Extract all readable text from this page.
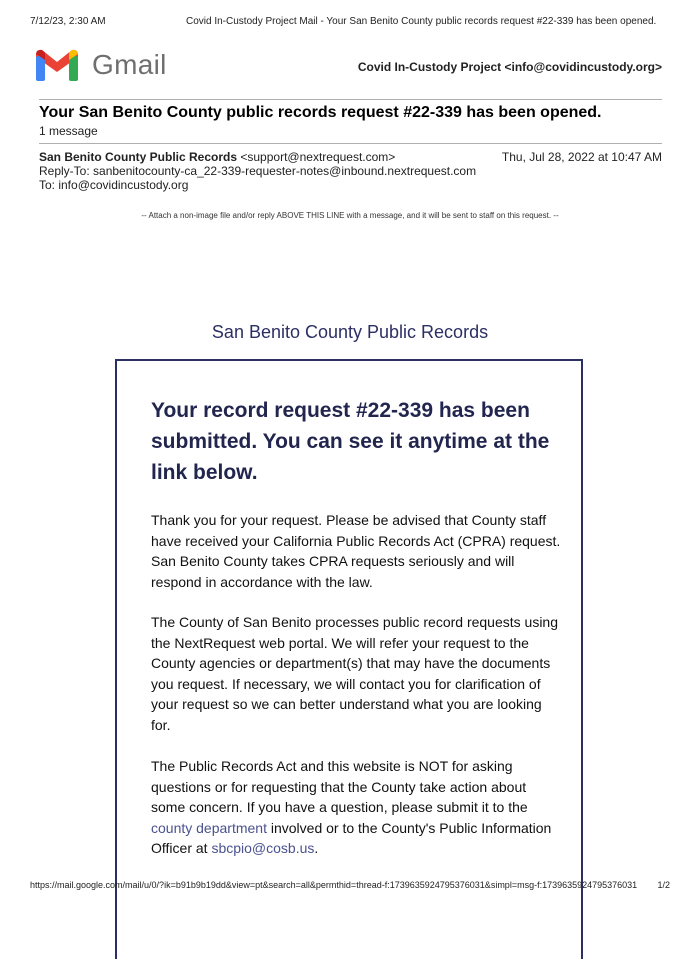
7/12/23, 2:30 AM	Covid In-Custody Project Mail - Your San Benito County public records request #22-339 has been opened.
Gmail	Covid In-Custody Project <info@covidincustody.org>
Your San Benito County public records request #22-339 has been opened.
1 message
San Benito County Public Records <support@nextrequest.com>	Thu, Jul 28, 2022 at 10:47 AM
Reply-To: sanbenitocounty-ca_22-339-requester-notes@inbound.nextrequest.com
To: info@covidincustody.org
-- Attach a non-image file and/or reply ABOVE THIS LINE with a message, and it will be sent to staff on this request. --
San Benito County Public Records
Your record request #22-339 has been submitted. You can see it anytime at the link below.
Thank you for your request. Please be advised that County staff have received your California Public Records Act (CPRA) request. San Benito County takes CPRA requests seriously and will respond in accordance with the law.
The County of San Benito processes public record requests using the NextRequest web portal. We will refer your request to the County agencies or department(s) that may have the documents you request. If necessary, we will contact you for clarification of your request so we can better understand what you are looking for.
The Public Records Act and this website is NOT for asking questions or for requesting that the County take action about some concern. If you have a question, please submit it to the county department involved or to the County's Public Information Officer at sbcpio@cosb.us.
https://mail.google.com/mail/u/0/?ik=b91b9b19dd&view=pt&search=all&permthid=thread-f:1739635924795376031&simpl=msg-f:1739635924795376031 1/2
